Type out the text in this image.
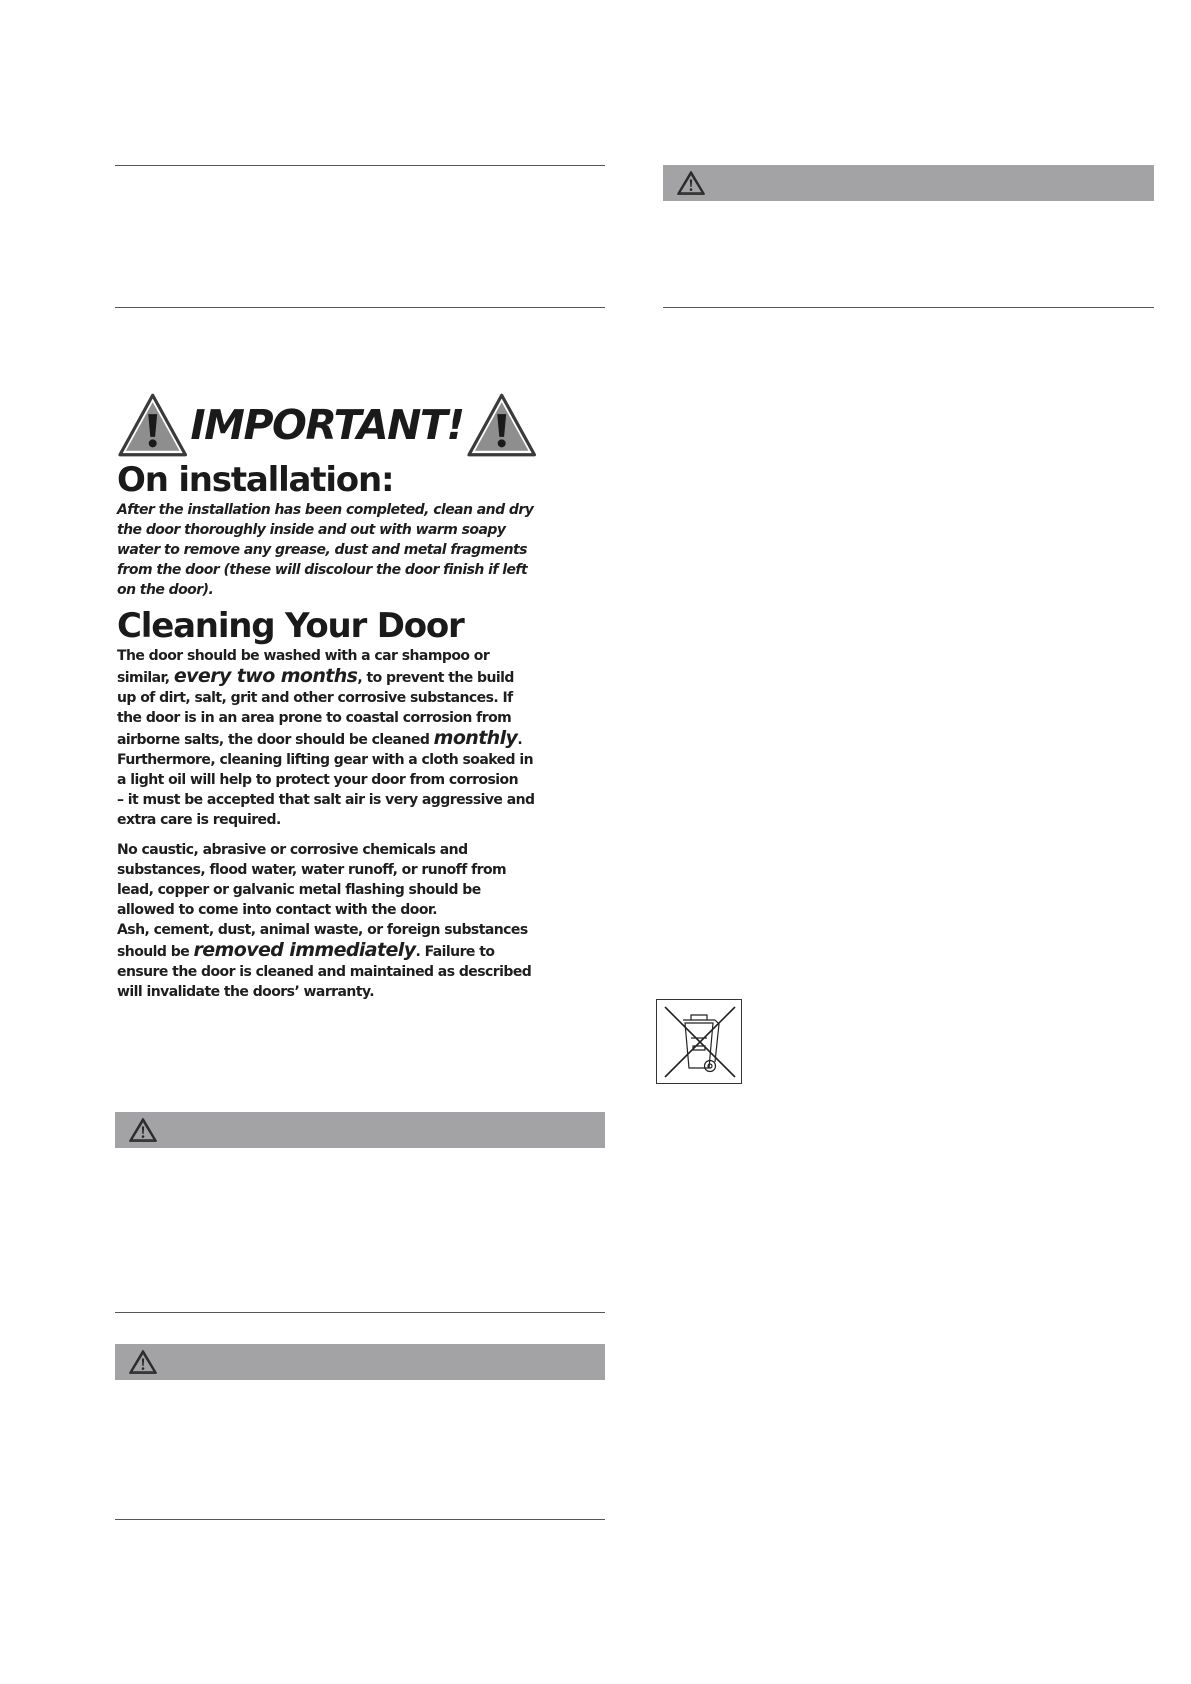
IMPORTANT!
On installation:

After the installation has been completed, clean and dry

the door thoroughly inside and out with warm soapy

water to remove any grease, dust and metal fragments

from the door (these will discolour the door finish if left

on the door).

Cleaning Your Door

The door should be washed with a car shampoo or

similar, every two months, to prevent the build

up of dirt, salt, grit and other corrosive substances. If

the door is in an area prone to coastal corrosion from

airborne salts, the door should be cleaned monthly.

Furthermore, cleaning lifting gear with a cloth soaked in

a light oil will help to protect your door from corrosion

– it must be accepted that salt air is very aggressive and

extra care is required.

No caustic, abrasive or corrosive chemicals and

substances, flood water, water runoff, or runoff from

lead, copper or galvanic metal flashing should be

allowed to come into contact with the door.

Ash, cement, dust, animal waste, or foreign substances

should be removed immediately. Failure to

ensure the door is cleaned and maintained as described

will invalidate the doors’ warranty.
